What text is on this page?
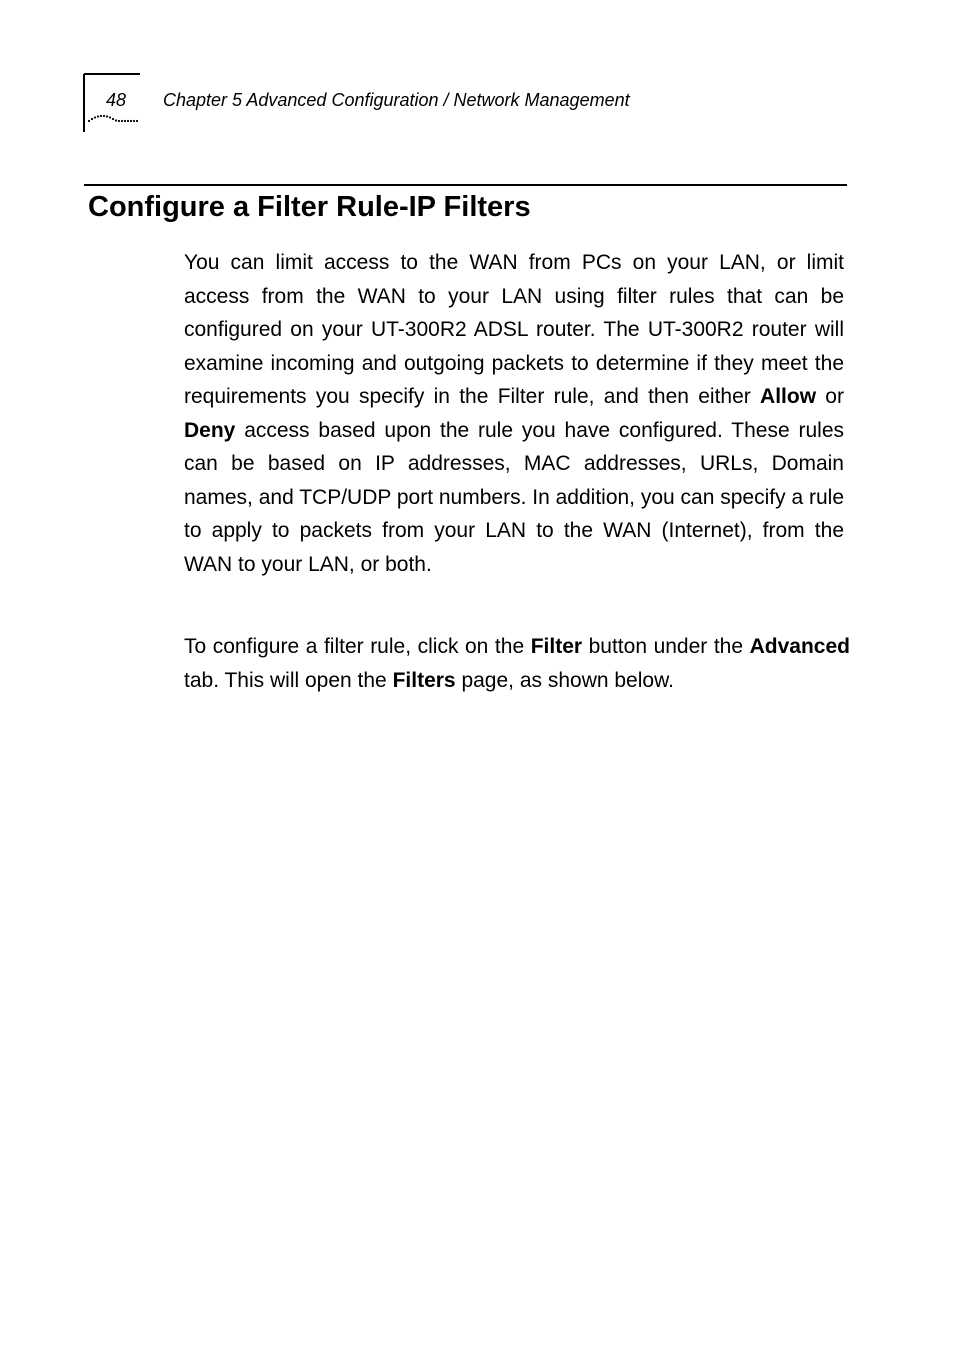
48 Chapter 5 Advanced Configuration / Network Management
Configure a Filter Rule-IP Filters

You can limit access to the WAN from PCs on your LAN, or limit access from the WAN to your LAN using filter rules that can be configured on your UT-300R2 ADSL router. The UT-300R2 router will examine incoming and outgoing packets to determine if they meet the requirements you specify in the Filter rule, and then either Allow or Deny access based upon the rule you have configured. These rules can be based on IP addresses, MAC addresses, URLs, Domain names, and TCP/UDP port numbers. In addition, you can specify a rule to apply to packets from your LAN to the WAN (Internet), from the WAN to your LAN, or both.

To configure a filter rule, click on the Filter button under the Advanced tab. This will open the Filters page, as shown below.
